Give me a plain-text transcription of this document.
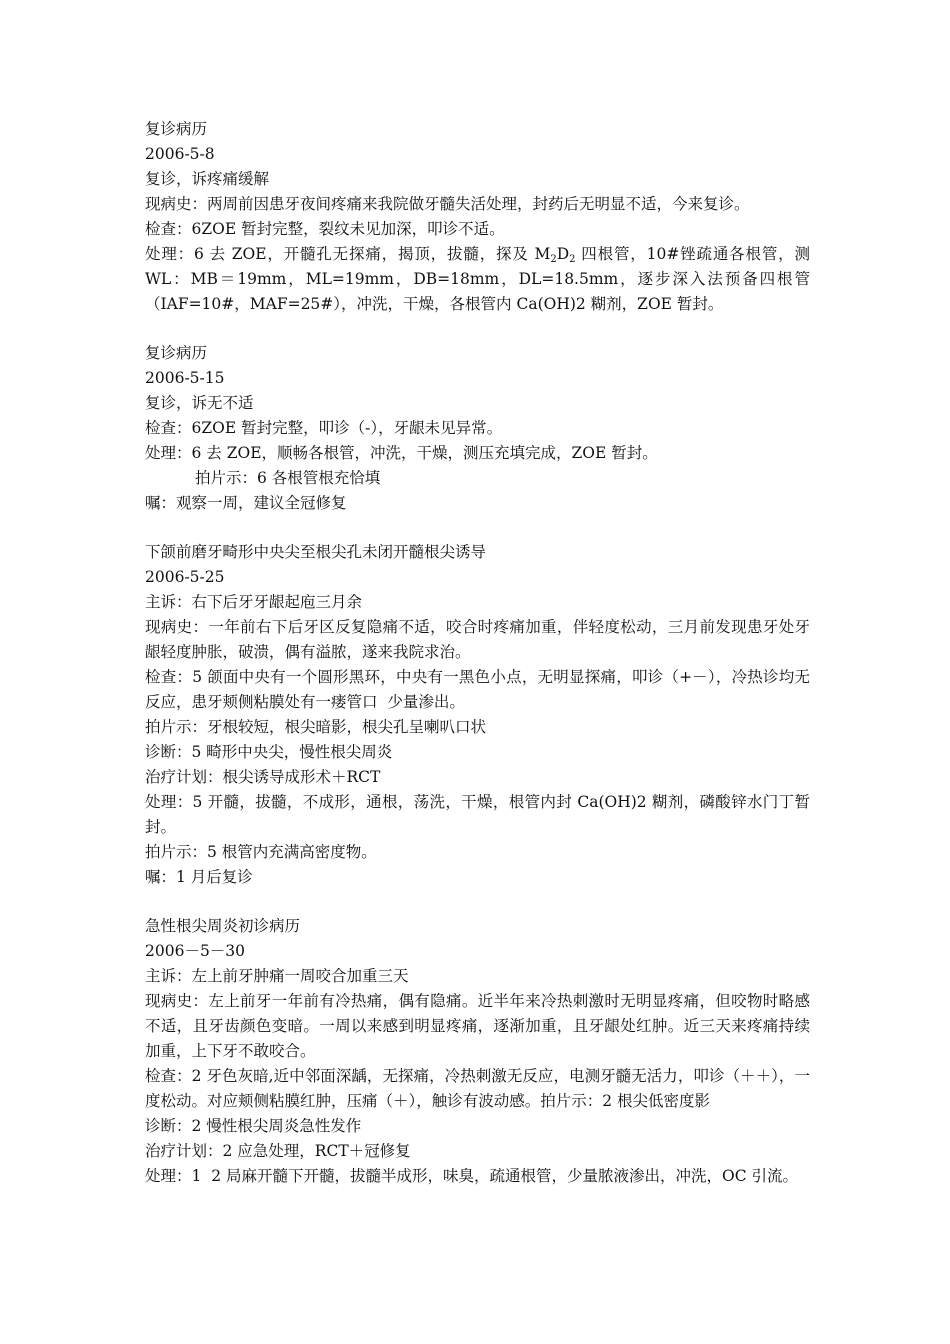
复诊病历
2006-5-8
复诊，诉疼痛缓解
现病史：两周前因患牙夜间疼痛来我院做牙髓失活处理，封药后无明显不适，今来复诊。
检查：6ZOE 暂封完整，裂纹未见加深，叩诊不适。
处理：6 去 ZOE，开髓孔无探痛，揭顶，拔髓，探及 $M_2D_2$ 四根管，10#锉疏通各根管，测 WL：MB＝19mm，ML=19mm，DB=18mm，DL=18.5mm，逐步深入法预备四根管（IAF=10#，MAF=25#），冲洗，干燥，各根管内 Ca(OH)2 糊剂，ZOE 暂封。
复诊病历
2006-5-15
复诊，诉无不适
检查：6ZOE 暂封完整，叩诊（-），牙龈未见异常。
处理：6 去 ZOE，顺畅各根管，冲洗，干燥，测压充填完成，ZOE 暂封。
拍片示：6 各根管根充恰填
嘱：观察一周，建议全冠修复
下颌前磨牙畸形中央尖至根尖孔未闭开髓根尖诱导
2006-5-25
主诉：右下后牙牙龈起庖三月余
现病史：一年前右下后牙区反复隐痛不适，咬合时疼痛加重，伴轻度松动，三月前发现患牙处牙龈轻度肿胀，破溃，偶有溢脓，遂来我院求治。
检查：5 颌面中央有一个圆形黑环，中央有一黑色小点，无明显探痛，叩诊（+－），冷热诊均无反应，患牙颊侧粘膜处有一瘘管口  少量渗出。
拍片示：牙根较短，根尖暗影，根尖孔呈喇叭口状
诊断：5 畸形中央尖，慢性根尖周炎
治疗计划：根尖诱导成形术＋RCT
处理：5 开髓，拔髓，不成形，通根，荡洗，干燥，根管内封 Ca(OH)2 糊剂，磷酸锌水门丁暂封。
拍片示：5 根管内充满高密度物。
嘱：1 月后复诊
急性根尖周炎初诊病历
2006－5－30
主诉：左上前牙肿痛一周咬合加重三天
现病史：左上前牙一年前有冷热痛，偶有隐痛。近半年来冷热刺激时无明显疼痛，但咬物时略感不适，且牙齿颜色变暗。一周以来感到明显疼痛，逐渐加重，且牙龈处红肿。近三天来疼痛持续加重，上下牙不敢咬合。
检查：2 牙色灰暗,近中邻面深龋，无探痛，冷热刺激无反应，电测牙髓无活力，叩诊（＋＋），一度松动。对应颊侧粘膜红肿，压痛（＋），触诊有波动感。拍片示：2 根尖低密度影
诊断：2 慢性根尖周炎急性发作
治疗计划：2 应急处理，RCT＋冠修复
处理：1  2 局麻开髓下开髓，拔髓半成形，味臭，疏通根管，少量脓液渗出，冲洗，OC 引流。
